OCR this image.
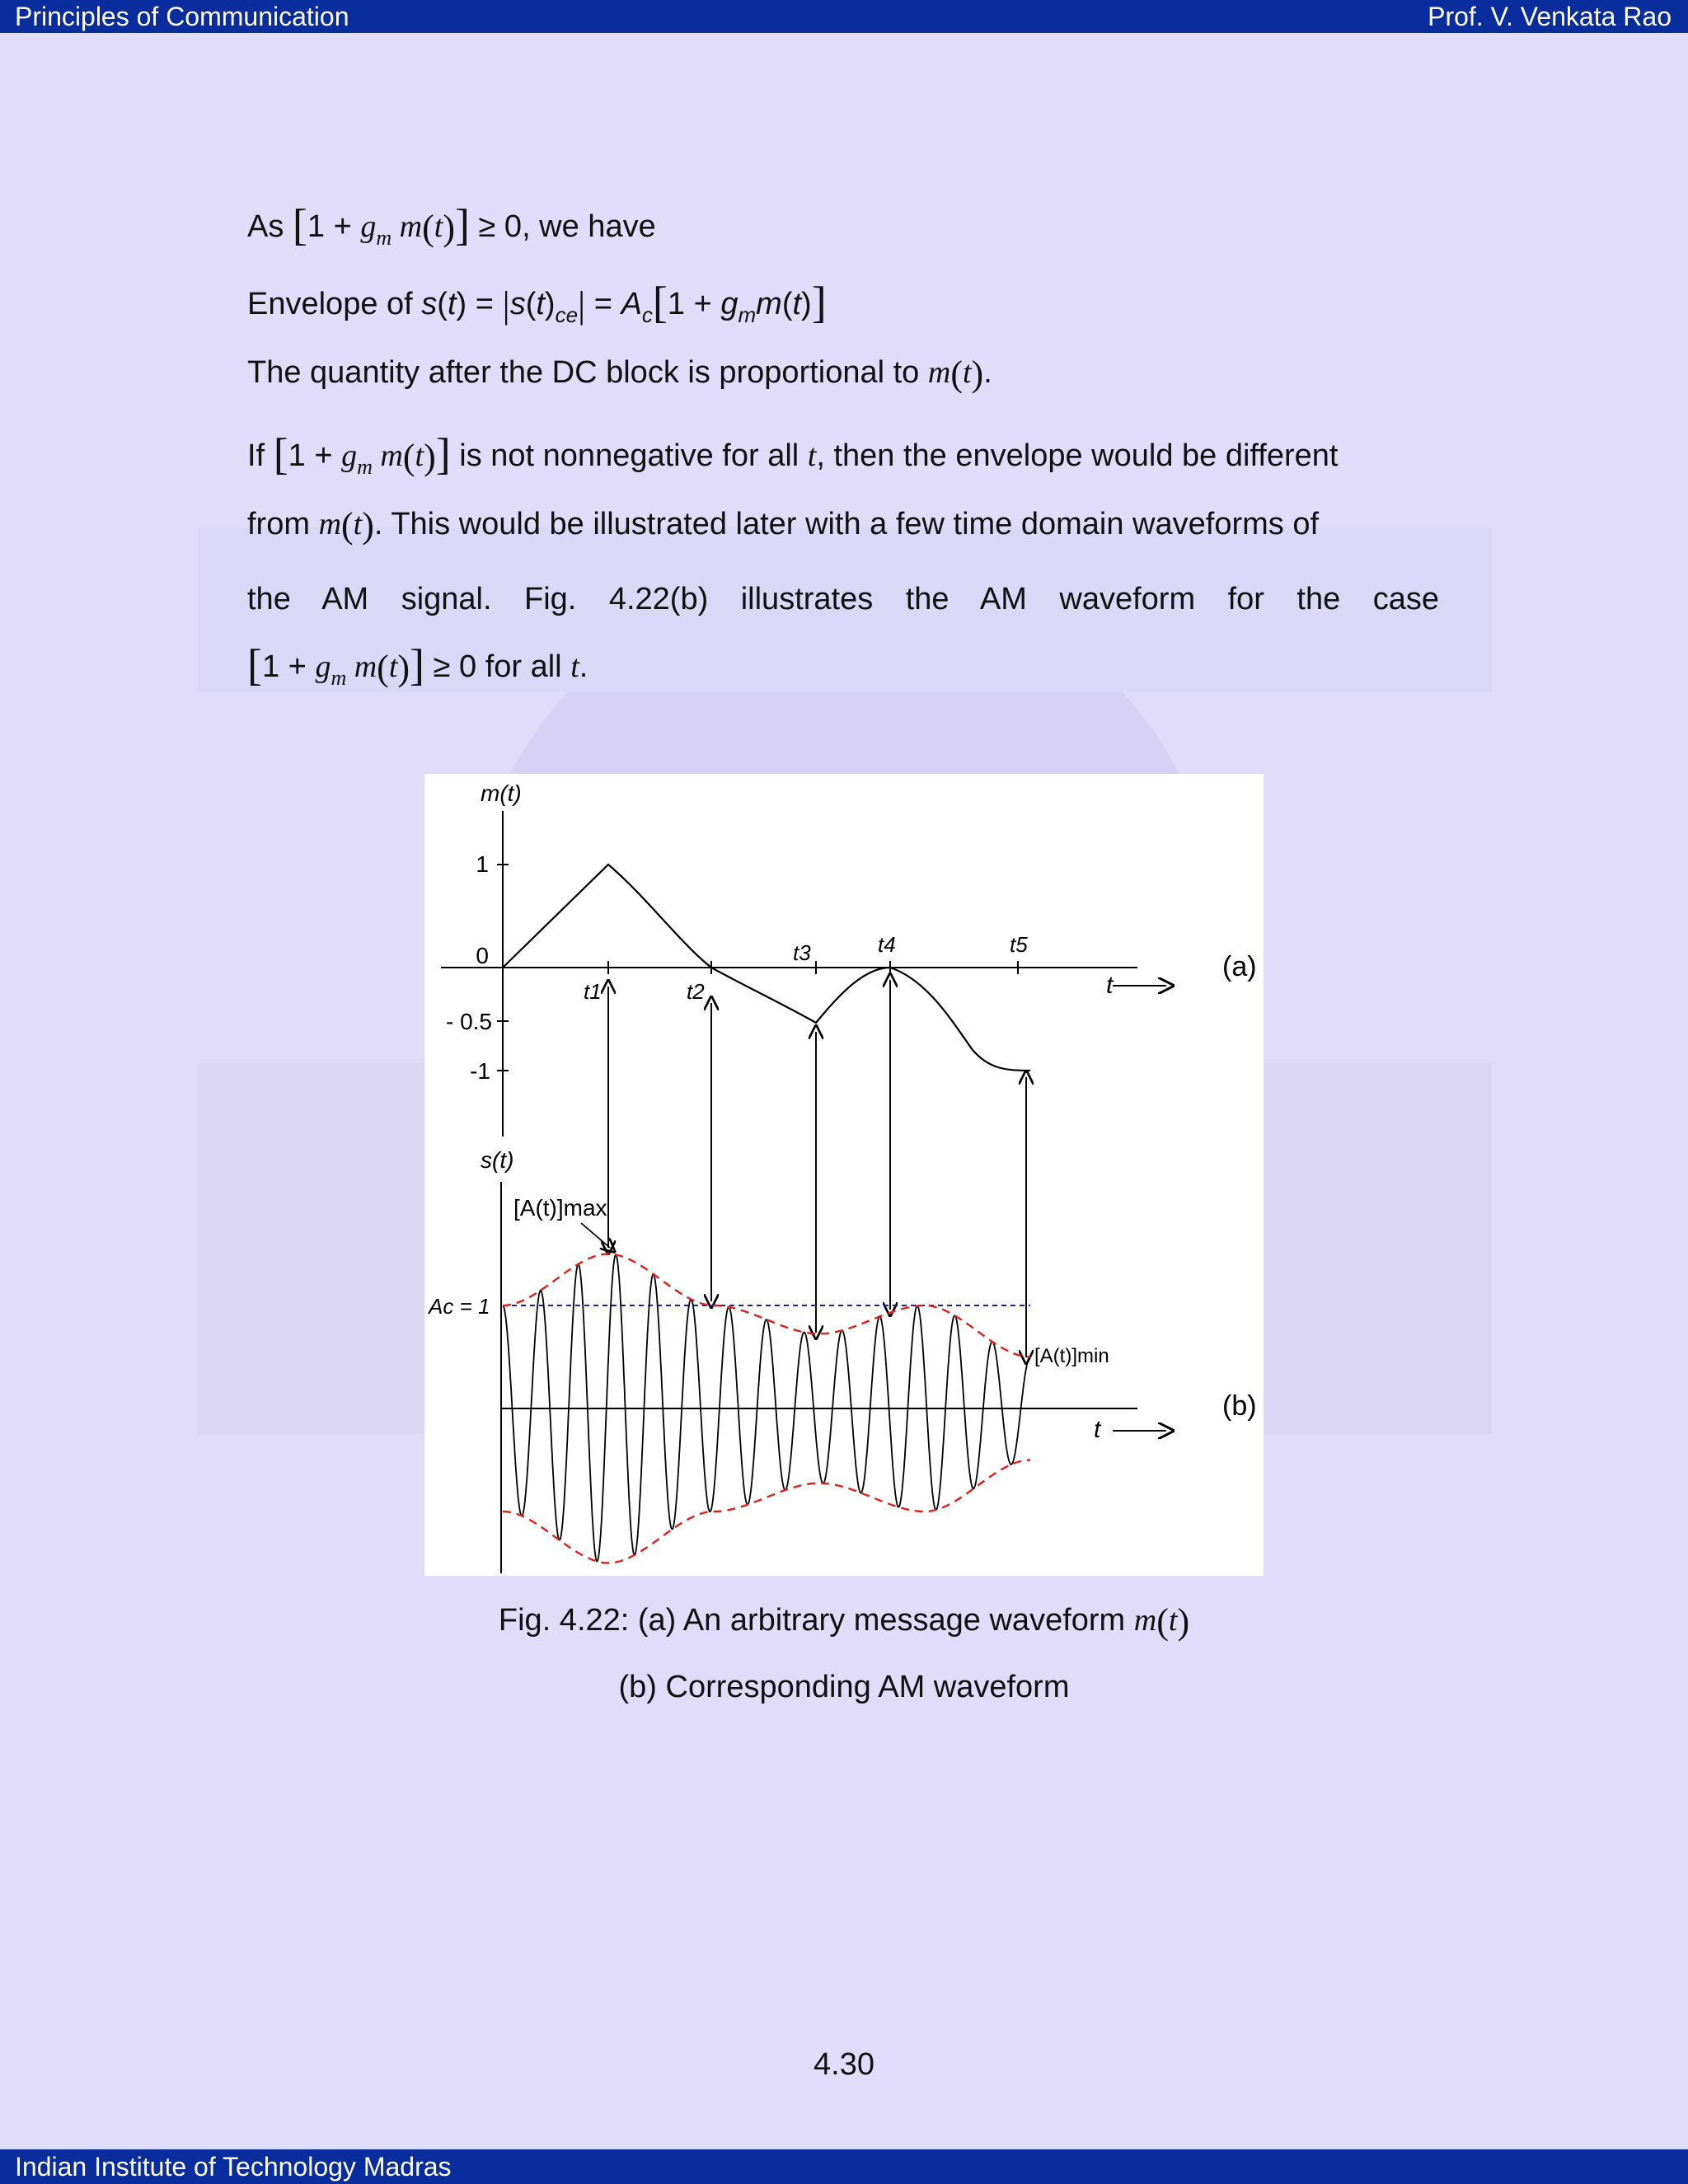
Principles of Communication	Prof. V. Venkata Rao
As [$1 + g_m$ m(t)] ≥ 0, we have
Envelope of $s(t) = |s(t)_{ce}| = A_c[1 + g_mm(t)]$
The quantity after the DC block is proportional to m(t).
If [$1 + g_m$ m(t)] is not nonnegative for all t, then the envelope would be different
from m(t). This would be illustrated later with a few time domain waveforms of
the AM signal. Fig. 4.22(b) illustrates the AM waveform for the case
[$1 + g_m$ m(t)] ≥ 0 for all t.
m(t)
1
0
- 0.5
-1
t1	t2
t3	t4	t5
t
(a)
s(t)
[A(t)]max
Ac = 1
[A(t)]min
t
(b)
Fig. 4.22: (a) An arbitrary message waveform m(t)
(b) Corresponding AM waveform
4.30
Indian Institute of Technology Madras
